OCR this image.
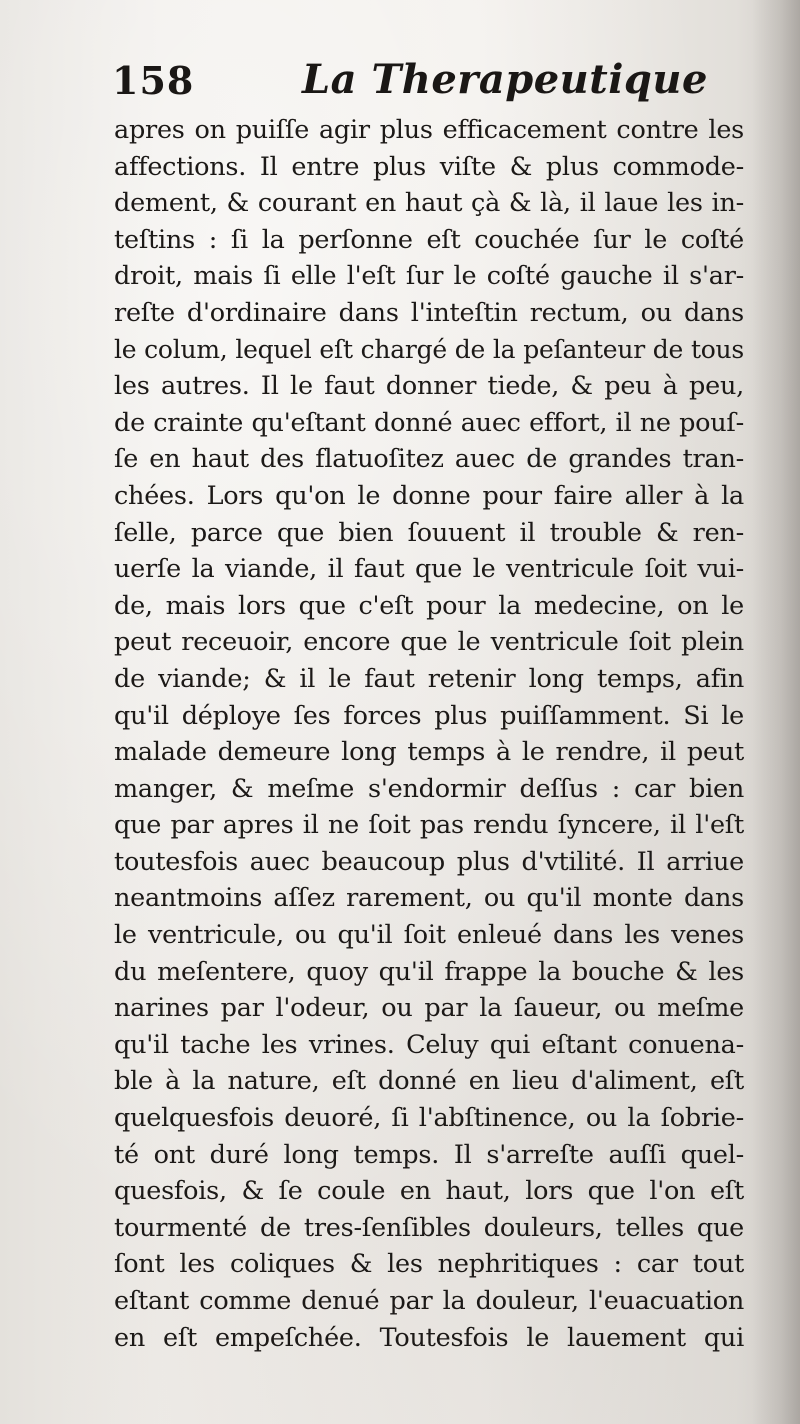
158	La Therapeutique
apres on puiſſe agir plus efficacement contre les
affections. Il entre plus viſte & plus commode-
dement, & courant en haut çà & là, il laue les in-
teſtins : ſi la perſonne eſt couchée ſur le coſté
droit, mais ſi elle l'eſt ſur le coſté gauche il s'ar-
reſte d'ordinaire dans l'inteſtin rectum, ou dans
le colum, lequel eſt chargé de la peſanteur de tous
les autres. Il le faut donner tiede, & peu à peu,
de crainte qu'eſtant donné auec effort, il ne pouſ-
ſe en haut des flatuoſitez auec de grandes tran-
chées. Lors qu'on le donne pour faire aller à la
ſelle, parce que bien ſouuent il trouble & ren-
uerſe la viande, il faut que le ventricule ſoit vui-
de, mais lors que c'eſt pour la medecine, on le
peut receuoir, encore que le ventricule ſoit plein
de viande; & il le faut retenir long temps, afin
qu'il déploye ſes forces plus puiſſamment. Si le
malade demeure long temps à le rendre, il peut
manger, & meſme s'endormir deſſus : car bien
que par apres il ne ſoit pas rendu ſyncere, il l'eſt
toutesfois auec beaucoup plus d'vtilité. Il arriue
neantmoins aſſez rarement, ou qu'il monte dans
le ventricule, ou qu'il ſoit enleué dans les venes
du meſentere, quoy qu'il frappe la bouche & les
narines par l'odeur, ou par la ſaueur, ou meſme
qu'il tache les vrines. Celuy qui eſtant conuena-
ble à la nature, eſt donné en lieu d'aliment, eſt
quelquesfois deuoré, ſi l'abſtinence, ou la ſobrie-
té ont duré long temps. Il s'arreſte auſſi quel-
quesfois, & ſe coule en haut, lors que l'on eſt
tourmenté de tres-ſenſibles douleurs, telles que
ſont les coliques & les nephritiques : car tout
eſtant comme denué par la douleur, l'euacuation
en eſt empeſchée. Toutesfois le lauement qui
